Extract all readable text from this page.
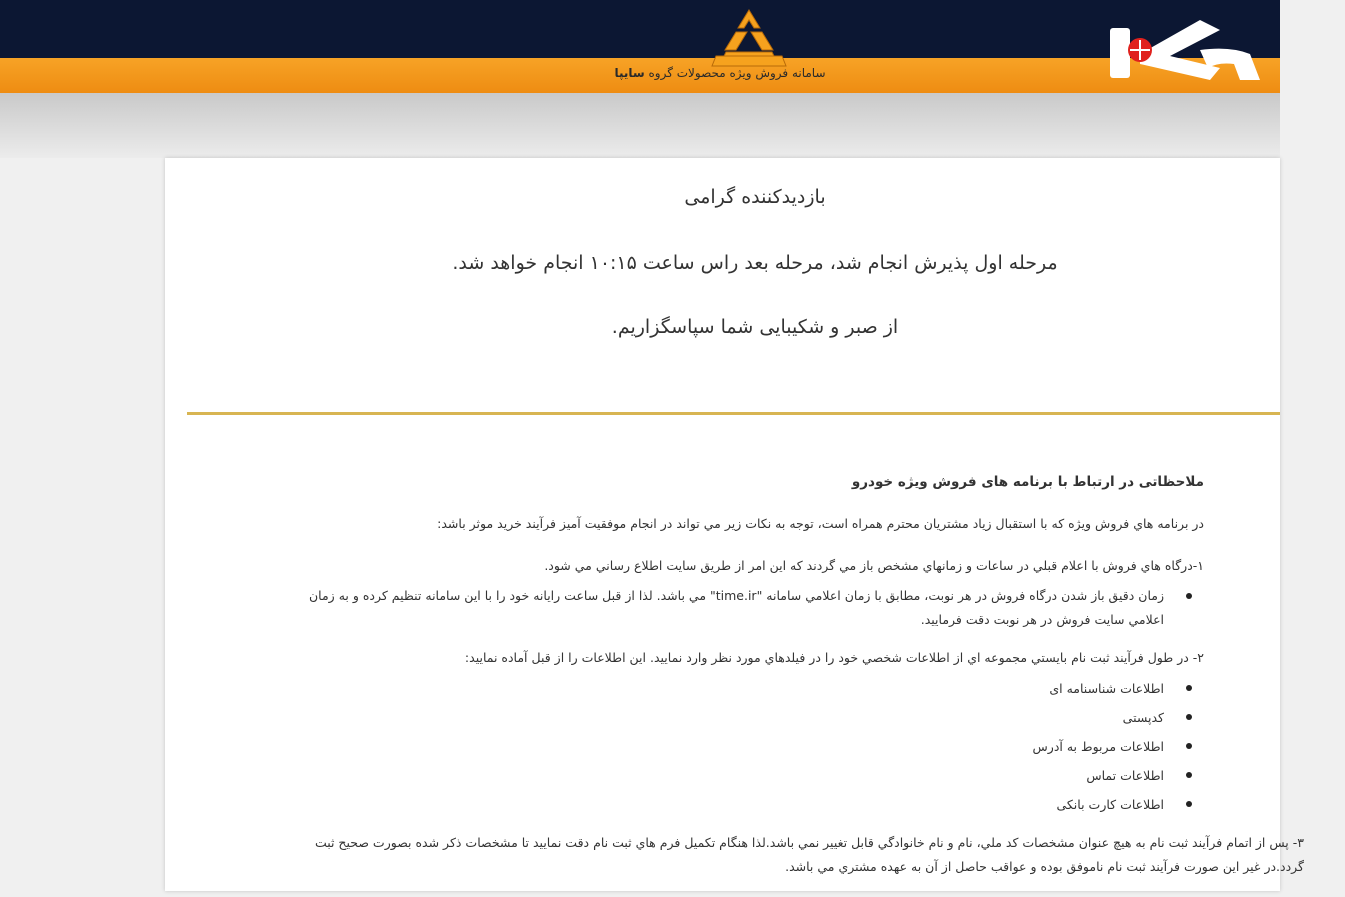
سامانه فروش ویژه محصولات گروه سایپا
بازدیدکننده گرامی
مرحله اول پذیرش انجام شد، مرحله بعد راس ساعت ۱۰:۱۵ انجام خواهد شد.
از صبر و شکیبایی شما سپاسگزاریم.
ملاحظاتی در ارتباط با برنامه های فروش ویژه خودرو

در برنامه هاي فروش ويژه كه با استقبال زياد مشتريان محترم همراه است، توجه به نكات زير مي تواند در انجام موفقيت آميز فرآيند خريد موثر باشد:

۱-درگاه هاي فروش با اعلام قبلي در ساعات و زمانهاي مشخص باز مي گردند كه اين امر از طريق سايت اطلاع رساني مي شود.

زمان دقيق باز شدن درگاه فروش در هر نوبت، مطابق با زمان اعلامي سامانه "time.ir" مي باشد. لذا از قبل ساعت رايانه خود را با اين سامانه تنظيم كرده و به زمان اعلامي سايت فروش در هر نوبت دقت فرماييد.

۲- در طول فرآيند ثبت نام بايستي مجموعه اي از اطلاعات شخصي خود را در فيلدهاي مورد نظر وارد نماييد. اين اطلاعات را از قبل آماده نماييد:

اطلاعات شناسنامه ای
کدپستی
اطلاعات مربوط به آدرس
اطلاعات تماس
اطلاعات کارت بانکی

۳- پس از اتمام فرآيند ثبت نام به هيچ عنوان مشخصات كد ملي، نام و نام خانوادگي قابل تغيير نمي باشد.لذا هنگام تكميل فرم هاي ثبت نام دقت نماييد تا مشخصات ذكر شده بصورت صحيح ثبت گردد.در غير اين صورت فرآيند ثبت نام ناموفق بوده و عواقب حاصل از آن به عهده مشتري مي باشد.
